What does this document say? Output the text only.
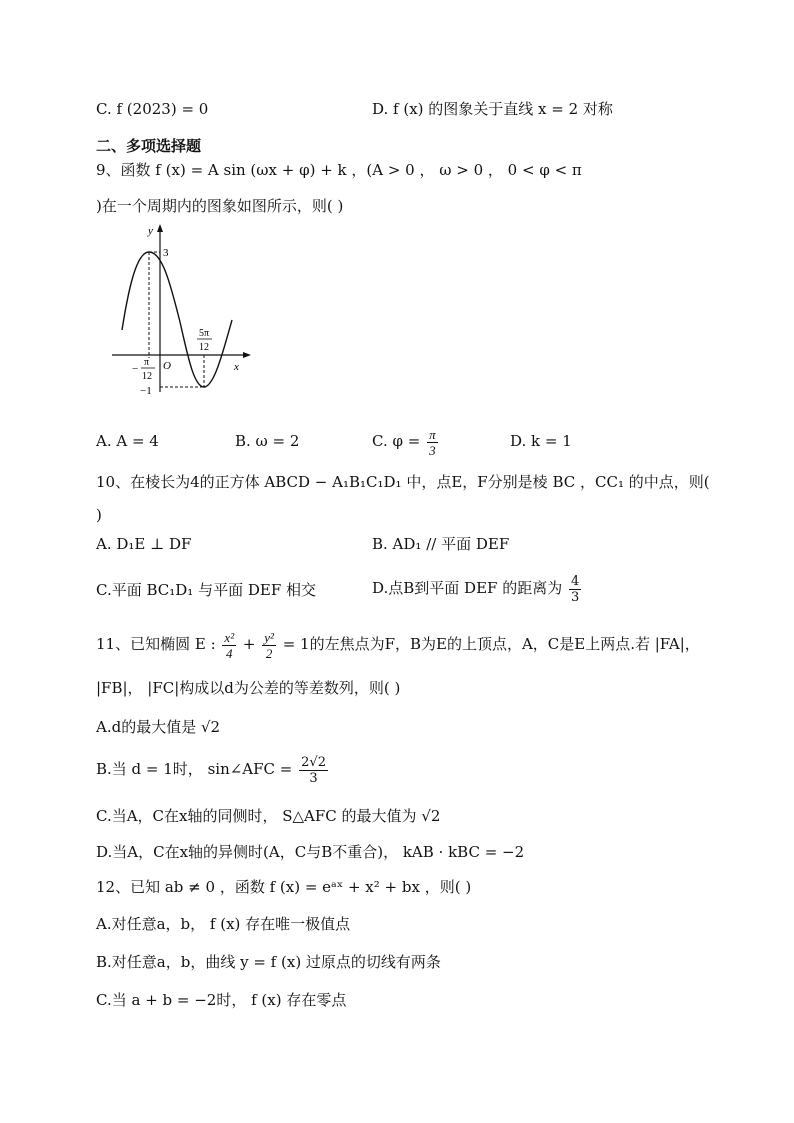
C. f (2023) = 0	D. f (x) 的图象关于直线 x = 2 对称
二、多项选择题
9、函数 f (x) = A sin (ωx + φ) + k ，(A > 0 ， ω > 0 ， 0 < φ < π
)在一个周期内的图象如图所示，则( )
y
x
O
3
−1
−
π
12
5π
12
A. A = 4	B. ω = 2	C. $\varphi = \frac{\pi}{3}$	D. k = 1
10、在棱长为4的正方体 ABCD − A₁B₁C₁D₁ 中，点E，F分别是棱 BC ，CC₁ 的中点，则(
)
A. D₁E ⊥ DF	B. AD₁ // 平面 DEF
C.平面 BC₁D₁ 与平面 DEF 相交	D.点B到平面 DEF 的距离为 $\frac{4}{3}$
11、已知椭圆 E : $\frac{\text{x²}}{4} + \frac{\text{y²}}{2} = 1$的左焦点为F，B为E的上顶点，A，C是E上两点.若 |FA|，
|FB|， |FC|构成以d为公差的等差数列，则( )
A.d的最大值是 √2
B.当 d = 1时， sin∠AFC = $\frac{2√2}{3}$
C.当A，C在x轴的同侧时， S△AFC 的最大值为 √2
D.当A，C在x轴的异侧时(A，C与B不重合)， kAB · kBC = −2
12、已知 ab ≠ 0 ，函数 f (x) = eᵃˣ + x² + bx ，则( )
A.对任意a，b， f (x) 存在唯一极值点
B.对任意a，b，曲线 y = f (x) 过原点的切线有两条
C.当 a + b = −2时， f (x) 存在零点
